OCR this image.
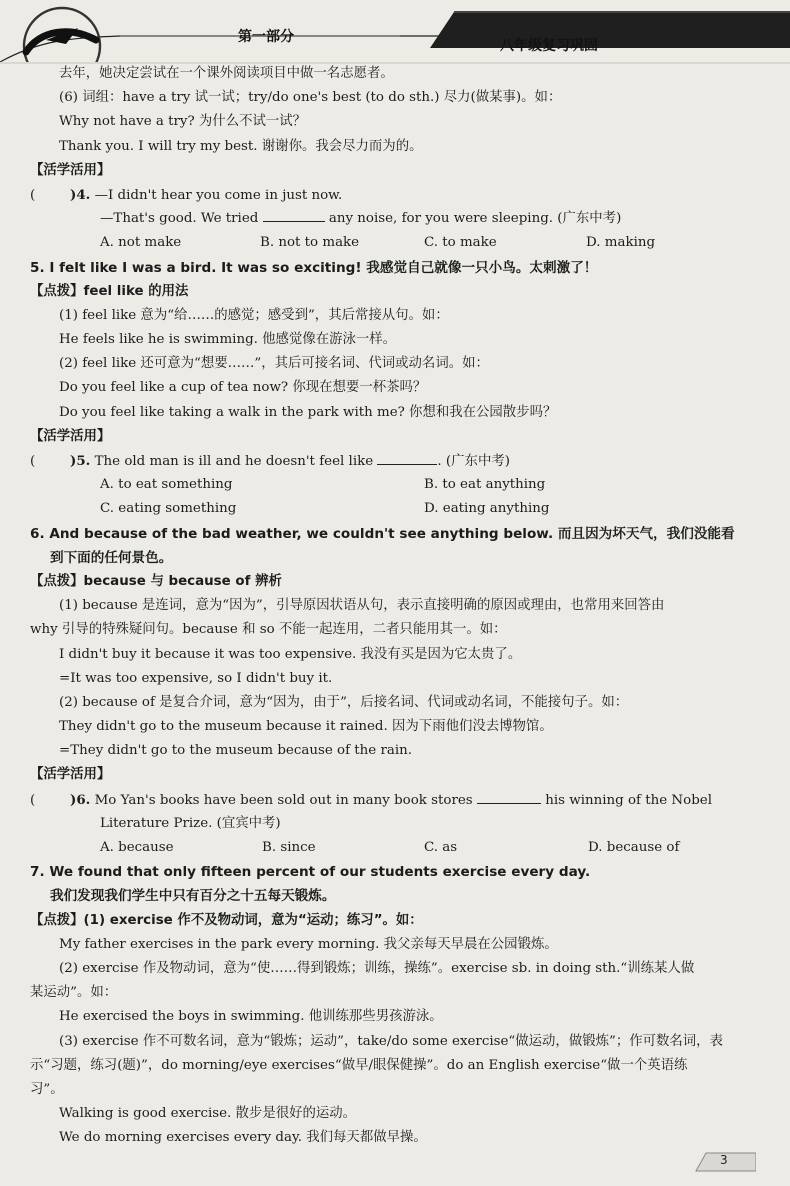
第一部分
八年级复习巩固
去年，她决定尝试在一个课外阅读项目中做一名志愿者。
(6) 词组：have a try 试一试；try/do one's best (to do sth.) 尽力(做某事)。如：
Why not have a try? 为什么不试一试？
Thank you. I will try my best. 谢谢你。我会尽力而为的。
【活学活用】
(	)4. —I didn't hear you come in just now.
—That's good. We tried	any noise, for you were sleeping. (广东中考)
A. not make	B. not to make	C. to make	D. making
5. I felt like I was a bird. It was so exciting! 我感觉自己就像一只小鸟。太刺激了！
【点拨】feel like 的用法
(1) feel like 意为“给……的感觉；感受到”，其后常接从句。如：
He feels like he is swimming. 他感觉像在游泳一样。
(2) feel like 还可意为“想要……”，其后可接名词、代词或动名词。如：
Do you feel like a cup of tea now? 你现在想要一杯茶吗？
Do you feel like taking a walk in the park with me? 你想和我在公园散步吗？
【活学活用】
(	)5. The old man is ill and he doesn't feel like	. (广东中考)
A. to eat something	B. to eat anything
C. eating something	D. eating anything
6. And because of the bad weather, we couldn't see anything below. 而且因为坏天气，我们没能看
到下面的任何景色。
【点拨】because 与 because of 辨析
(1) because 是连词，意为“因为”，引导原因状语从句，表示直接明确的原因或理由，也常用来回答由
why 引导的特殊疑问句。because 和 so 不能一起连用，二者只能用其一。如：
I didn't buy it because it was too expensive. 我没有买是因为它太贵了。
=It was too expensive, so I didn't buy it.
(2) because of 是复合介词，意为“因为，由于”，后接名词、代词或动名词，不能接句子。如：
They didn't go to the museum because it rained. 因为下雨他们没去博物馆。
=They didn't go to the museum because of the rain.
【活学活用】
(	)6. Mo Yan's books have been sold out in many book stores	his winning of the Nobel
Literature Prize. (宜宾中考)
A. because	B. since	C. as	D. because of
7. We found that only fifteen percent of our students exercise every day.
我们发现我们学生中只有百分之十五每天锻炼。
【点拨】(1) exercise 作不及物动词，意为“运动；练习”。如：
My father exercises in the park every morning. 我父亲每天早晨在公园锻炼。
(2) exercise 作及物动词，意为“使……得到锻炼；训练，操练”。exercise sb. in doing sth.“训练某人做
某运动”。如：
He exercised the boys in swimming. 他训练那些男孩游泳。
(3) exercise 作不可数名词，意为“锻炼；运动”，take/do some exercise“做运动，做锻炼”；作可数名词，表
示“习题，练习(题)”，do morning/eye exercises“做早/眼保健操”。do an English exercise“做一个英语练
习”。
Walking is good exercise. 散步是很好的运动。
We do morning exercises every day. 我们每天都做早操。
3
